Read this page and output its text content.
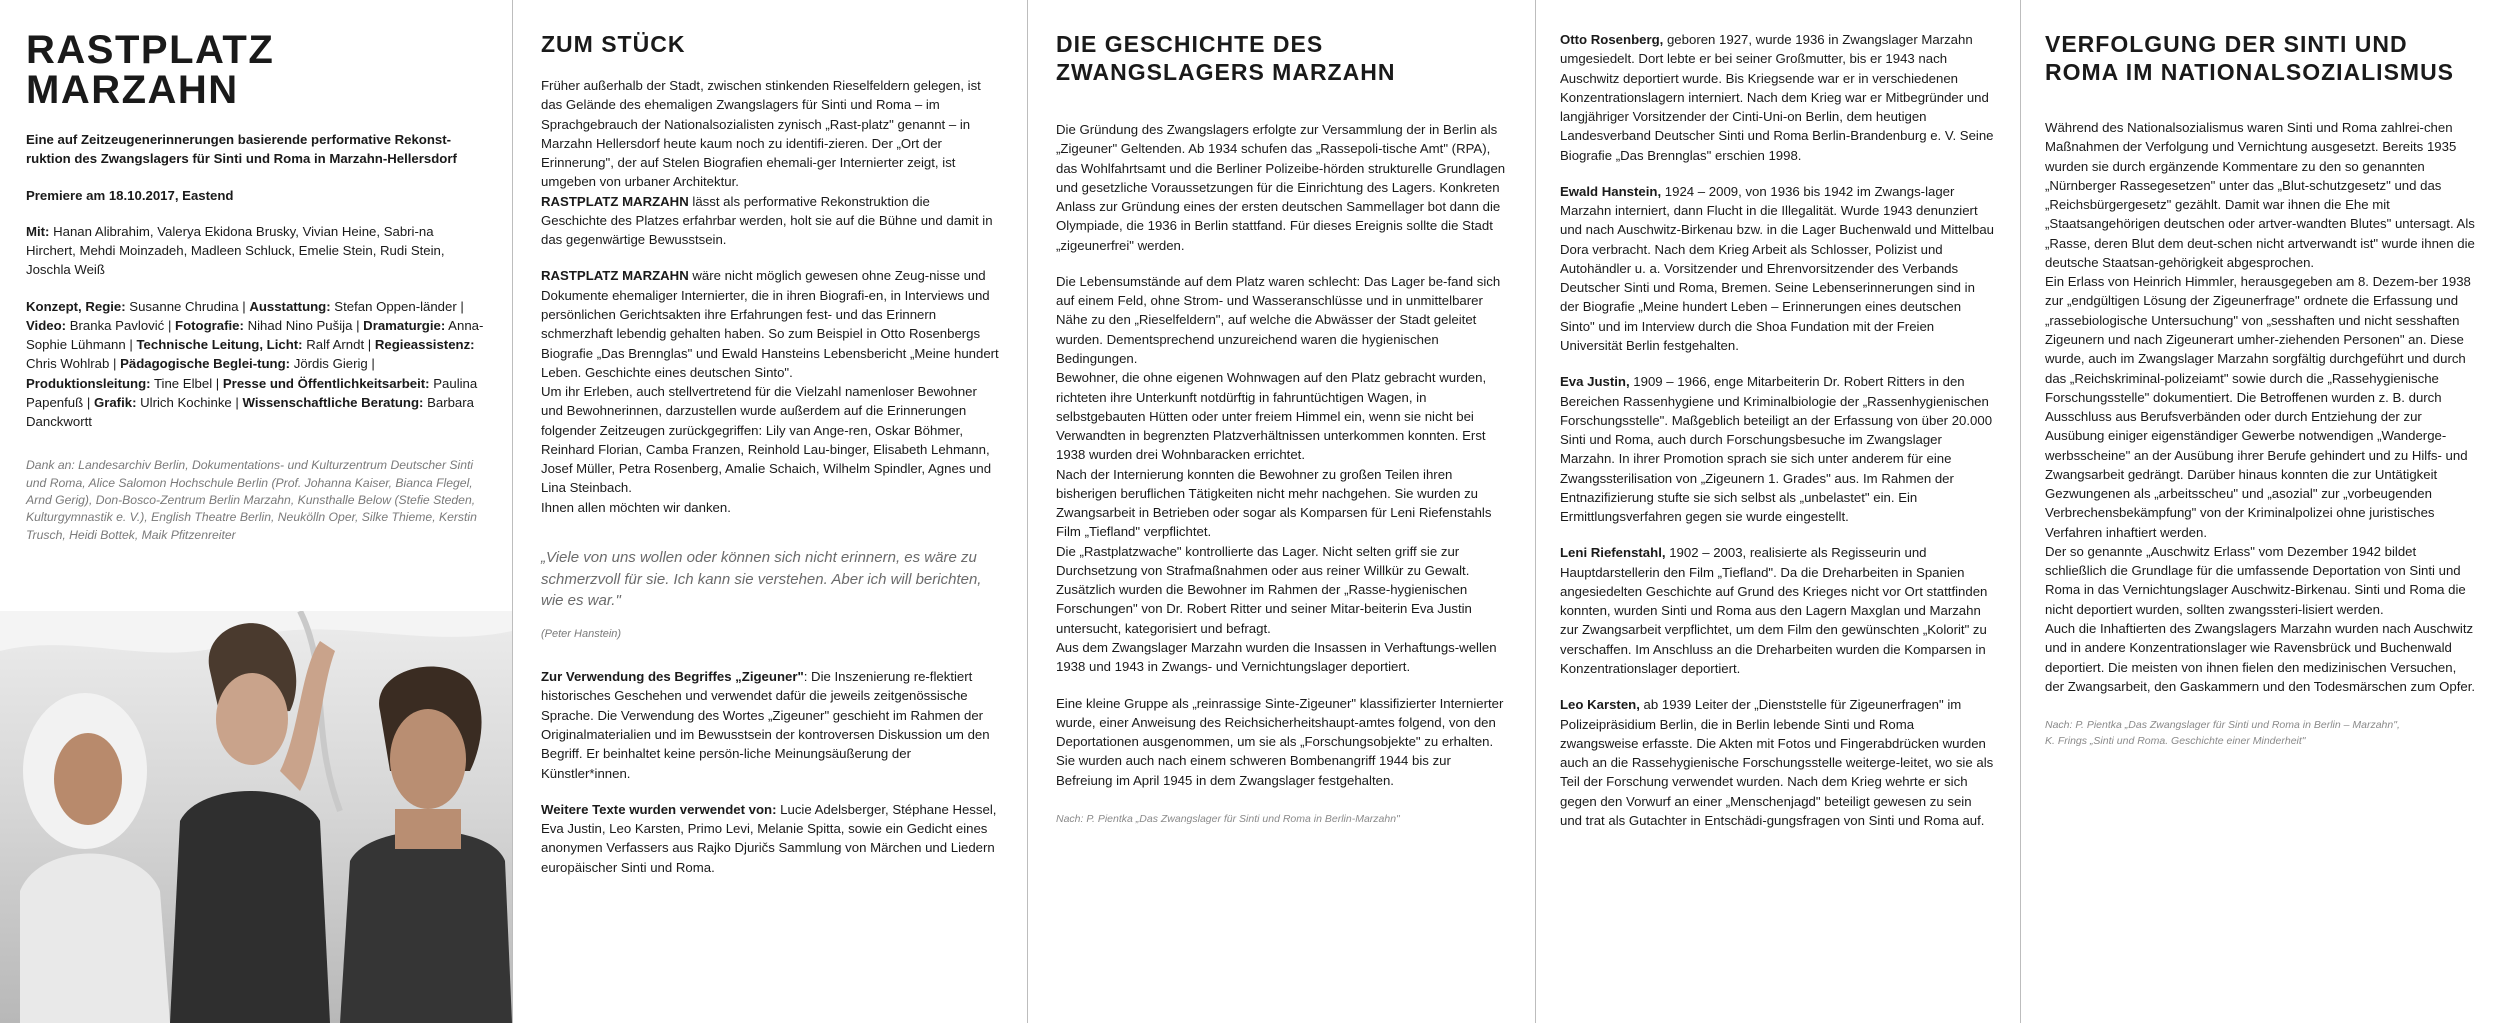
RASTPLATZ MARZAHN

Eine auf Zeitzeugenerinnerungen basierende performative Rekonst-ruktion des Zwangslagers für Sinti und Roma in Marzahn-Hellersdorf

Premiere am 18.10.2017, Eastend

Mit: Hanan Alibrahim, Valerya Ekidona Brusky, Vivian Heine, Sabri-na Hirchert, Mehdi Moinzadeh, Madleen Schluck, Emelie Stein, Rudi Stein, Joschla Weiß

Konzept, Regie: Susanne Chrudina | Ausstattung: Stefan Oppen-länder | Video: Branka Pavlović | Fotografie: Nihad Nino Pušija | Dramaturgie: Anna-Sophie Lühmann | Technische Leitung, Licht: Ralf Arndt | Regieassistenz: Chris Wohlrab | Pädagogische Beglei-tung: Jördis Gierig | Produktionsleitung: Tine Elbel | Presse und Öffentlichkeitsarbeit: Paulina Papenfuß | Grafik: Ulrich Kochinke | Wissenschaftliche Beratung: Barbara Danckwortt

Dank an: Landesarchiv Berlin, Dokumentations- und Kulturzentrum Deutscher Sinti und Roma, Alice Salomon Hochschule Berlin (Prof. Johanna Kaiser, Bianca Flegel, Arnd Gerig), Don-Bosco-Zentrum Berlin Marzahn, Kunsthalle Below (Stefie Steden, Kulturgymnastik e. V.), English Theatre Berlin, Neukölln Oper, Silke Thieme, Kerstin Trusch, Heidi Bottek, Maik Pfitzenreiter

ZUM STÜCK

Früher außerhalb der Stadt, zwischen stinkenden Rieselfeldern gelegen, ist das Gelände des ehemaligen Zwangslagers für Sinti und Roma – im Sprachgebrauch der Nationalsozialisten zynisch „Rast-platz" genannt – in Marzahn Hellersdorf heute kaum noch zu identifi-zieren. Der „Ort der Erinnerung", der auf Stelen Biografien ehemali-ger Internierter zeigt, ist umgeben von urbaner Architektur.

RASTPLATZ MARZAHN lässt als performative Rekonstruktion die Geschichte des Platzes erfahrbar werden, holt sie auf die Bühne und damit in das gegenwärtige Bewusstsein.

RASTPLATZ MARZAHN wäre nicht möglich gewesen ohne Zeug-nisse und Dokumente ehemaliger Internierter, die in ihren Biografi-en, in Interviews und persönlichen Gerichtsakten ihre Erfahrungen fest- und das Erinnern schmerzhaft lebendig gehalten haben. So zum Beispiel in Otto Rosenbergs Biografie „Das Brennglas" und Ewald Hansteins Lebensbericht „Meine hundert Leben. Geschichte eines deutschen Sinto".

Um ihr Erleben, auch stellvertretend für die Vielzahl namenloser Bewohner und Bewohnerinnen, darzustellen wurde außerdem auf die Erinnerungen folgender Zeitzeugen zurückgegriffen: Lily van Ange-ren, Oskar Böhmer, Reinhard Florian, Camba Franzen, Reinhold Lau-binger, Elisabeth Lehmann, Josef Müller, Petra Rosenberg, Amalie Schaich, Wilhelm Spindler, Agnes und Lina Steinbach.

Ihnen allen möchten wir danken.

„Viele von uns wollen oder können sich nicht erinnern, es wäre zu schmerzvoll für sie. Ich kann sie verstehen. Aber ich will berichten, wie es war."

(Peter Hanstein)

Zur Verwendung des Begriffes „Zigeuner": Die Inszenierung re-flektiert historisches Geschehen und verwendet dafür die jeweils zeitgenössische Sprache. Die Verwendung des Wortes „Zigeuner" geschieht im Rahmen der Originalmaterialien und im Bewusstsein der kontroversen Diskussion um den Begriff. Er beinhaltet keine persön-liche Meinungsäußerung der Künstler*innen.

Weitere Texte wurden verwendet von: Lucie Adelsberger, Stéphane Hessel, Eva Justin, Leo Karsten, Primo Levi, Melanie Spitta, sowie ein Gedicht eines anonymen Verfassers aus Rajko Djuričs Sammlung von Märchen und Liedern europäischer Sinti und Roma.

DIE GESCHICHTE DES ZWANGSLAGERS MARZAHN

Die Gründung des Zwangslagers erfolgte zur Versammlung der in Berlin als „Zigeuner" Geltenden. Ab 1934 schufen das „Rassepoli-tische Amt" (RPA), das Wohlfahrtsamt und die Berliner Polizeibe-hörden strukturelle Grundlagen und gesetzliche Voraussetzungen für die Einrichtung des Lagers. Konkreten Anlass zur Gründung eines der ersten deutschen Sammellager bot dann die Olympiade, die 1936 in Berlin stattfand. Für dieses Ereignis sollte die Stadt „zigeunerfrei" werden.

Die Lebensumstände auf dem Platz waren schlecht: Das Lager be-fand sich auf einem Feld, ohne Strom- und Wasseranschlüsse und in unmittelbarer Nähe zu den „Rieselfeldern", auf welche die Abwässer der Stadt geleitet wurden. Dementsprechend unzureichend waren die hygienischen Bedingungen.

Bewohner, die ohne eigenen Wohnwagen auf den Platz gebracht wurden, richteten ihre Unterkunft notdürftig in fahruntüchtigen Wagen, in selbstgebauten Hütten oder unter freiem Himmel ein, wenn sie nicht bei Verwandten in begrenzten Platzverhältnissen unterkommen konnten. Erst 1938 wurden drei Wohnbaracken errichtet.

Nach der Internierung konnten die Bewohner zu großen Teilen ihren bisherigen beruflichen Tätigkeiten nicht mehr nachgehen. Sie wurden zu Zwangsarbeit in Betrieben oder sogar als Komparsen für Leni Riefenstahls Film „Tiefland" verpflichtet.

Die „Rastplatzwache" kontrollierte das Lager. Nicht selten griff sie zur Durchsetzung von Strafmaßnahmen oder aus reiner Willkür zu Gewalt. Zusätzlich wurden die Bewohner im Rahmen der „Rasse-hygienischen Forschungen" von Dr. Robert Ritter und seiner Mitar-beiterin Eva Justin untersucht, kategorisiert und befragt.

Aus dem Zwangslager Marzahn wurden die Insassen in Verhaftungs-wellen 1938 und 1943 in Zwangs- und Vernichtungslager deportiert.

Eine kleine Gruppe als „reinrassige Sinte-Zigeuner" klassifizierter Internierter wurde, einer Anweisung des Reichsicherheitshaupt-amtes folgend, von den Deportationen ausgenommen, um sie als „Forschungsobjekte" zu erhalten. Sie wurden auch nach einem schweren Bombenangriff 1944 bis zur Befreiung im April 1945 in dem Zwangslager festgehalten.

Nach: P. Pientka „Das Zwangslager für Sinti und Roma in Berlin-Marzahn"

Otto Rosenberg, geboren 1927, wurde 1936 in Zwangslager Marzahn umgesiedelt. Dort lebte er bei seiner Großmutter, bis er 1943 nach Auschwitz deportiert wurde. Bis Kriegsende war er in verschiedenen Konzentrationslagern interniert. Nach dem Krieg war er Mitbegründer und langjähriger Vorsitzender der Cinti-Uni-on Berlin, dem heutigen Landesverband Deutscher Sinti und Roma Berlin-Brandenburg e. V. Seine Biografie „Das Brennglas" erschien 1998.

Ewald Hanstein, 1924 – 2009, von 1936 bis 1942 im Zwangs-lager Marzahn interniert, dann Flucht in die Illegalität. Wurde 1943 denunziert und nach Auschwitz-Birkenau bzw. in die Lager Buchenwald und Mittelbau Dora verbracht. Nach dem Krieg Arbeit als Schlosser, Polizist und Autohändler u. a. Vorsitzender und Ehrenvorsitzender des Verbands Deutscher Sinti und Roma, Bremen. Seine Lebenserinnerungen sind in der Biografie „Meine hundert Leben – Erinnerungen eines deutschen Sinto" und im Interview durch die Shoa Fundation mit der Freien Universität Berlin festgehalten.

Eva Justin, 1909 – 1966, enge Mitarbeiterin Dr. Robert Ritters in den Bereichen Rassenhygiene und Kriminalbiologie der „Rassenhygienischen Forschungsstelle". Maßgeblich beteiligt an der Erfassung von über 20.000 Sinti und Roma, auch durch Forschungsbesuche im Zwangslager Marzahn. In ihrer Promotion sprach sie sich unter anderem für eine Zwangssterilisation von „Zigeunern 1. Grades" aus. Im Rahmen der Entnazifizierung stufte sie sich selbst als „unbelastet" ein. Ein Ermittlungsverfahren gegen sie wurde eingestellt.

Leni Riefenstahl, 1902 – 2003, realisierte als Regisseurin und Hauptdarstellerin den Film „Tiefland". Da die Dreharbeiten in Spanien angesiedelten Geschichte auf Grund des Krieges nicht vor Ort stattfinden konnten, wurden Sinti und Roma aus den Lagern Maxglan und Marzahn zur Zwangsarbeit verpflichtet, um dem Film den gewünschten „Kolorit" zu verschaffen. Im Anschluss an die Dreharbeiten wurden die Komparsen in Konzentrationslager deportiert.

Leo Karsten, ab 1939 Leiter der „Dienststelle für Zigeunerfragen" im Polizeipräsidium Berlin, die in Berlin lebende Sinti und Roma zwangsweise erfasste. Die Akten mit Fotos und Fingerabdrücken wurden auch an die Rassehygienische Forschungsstelle weiterge-leitet, wo sie als Teil der Forschung verwendet wurden. Nach dem Krieg wehrte er sich gegen den Vorwurf an einer „Menschenjagd" beteiligt gewesen zu sein und trat als Gutachter in Entschädi-gungsfragen von Sinti und Roma auf.

VERFOLGUNG DER SINTI UND ROMA IM NATIONALSOZIALISMUS

Während des Nationalsozialismus waren Sinti und Roma zahlrei-chen Maßnahmen der Verfolgung und Vernichtung ausgesetzt. Bereits 1935 wurden sie durch ergänzende Kommentare zu den so genannten „Nürnberger Rassegesetzen" unter das „Blut-schutzgesetz" und das „Reichsbürgergesetz" gezählt. Damit war ihnen die Ehe mit „Staatsangehörigen deutschen oder artver-wandten Blutes" untersagt. Als „Rasse, deren Blut dem deut-schen nicht artverwandt ist" wurde ihnen die deutsche Staatsan-gehörigkeit abgesprochen.

Ein Erlass von Heinrich Himmler, herausgegeben am 8. Dezem-ber 1938 zur „endgültigen Lösung der Zigeunerfrage" ordnete die Erfassung und „rassebiologische Untersuchung" von „sesshaften und nicht sesshaften Zigeunern und nach Zigeunerart umher-ziehenden Personen" an. Diese wurde, auch im Zwangslager Marzahn sorgfältig durchgeführt und durch das „Reichskriminal-polizeiamt" sowie durch die „Rassehygienische Forschungsstelle" dokumentiert. Die Betroffenen wurden z. B. durch Ausschluss aus Berufsverbänden oder durch Entziehung der zur Ausübung einiger eigenständiger Gewerbe notwendigen „Wanderge-werbsscheine" an der Ausübung ihrer Berufe gehindert und zu Hilfs- und Zwangsarbeit gedrängt. Darüber hinaus konnten die zur Untätigkeit Gezwungenen als „arbeitsscheu" und „asozial" zur „vorbeugenden Verbrechensbekämpfung" von der Kriminalpolizei ohne juristisches Verfahren inhaftiert werden.

Der so genannte „Auschwitz Erlass" vom Dezember 1942 bildet schließlich die Grundlage für die umfassende Deportation von Sinti und Roma in das Vernichtungslager Auschwitz-Birkenau. Sinti und Roma die nicht deportiert wurden, sollten zwangssteri-lisiert werden.

Auch die Inhaftierten des Zwangslagers Marzahn wurden nach Auschwitz und in andere Konzentrationslager wie Ravensbrück und Buchenwald deportiert. Die meisten von ihnen fielen den medizinischen Versuchen, der Zwangsarbeit, den Gaskammern und den Todesmärschen zum Opfer.

Nach: P. Pientka „Das Zwangslager für Sinti und Roma in Berlin – Marzahn",
K. Frings „Sinti und Roma. Geschichte einer Minderheit"
